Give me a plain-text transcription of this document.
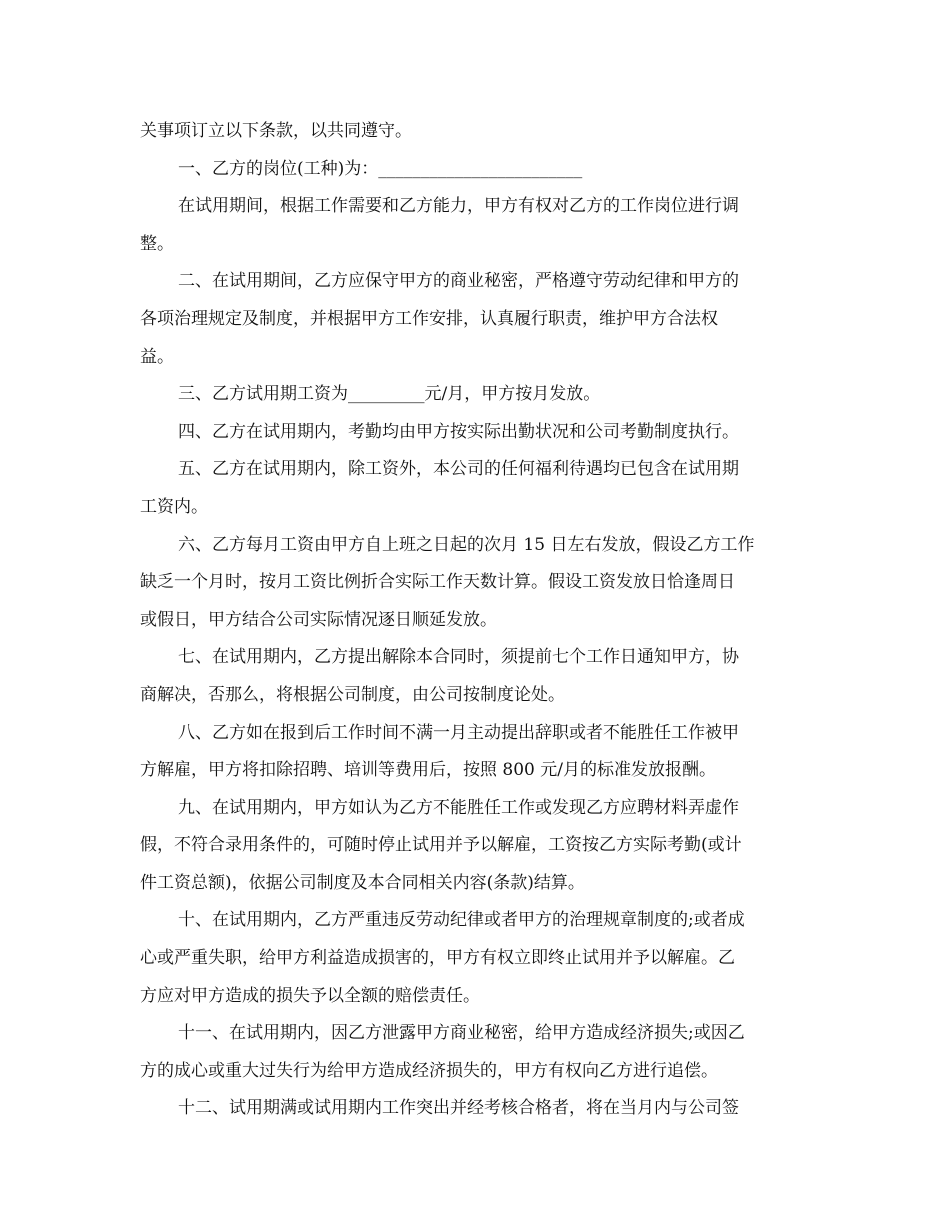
关事项订立以下条款，以共同遵守。
一、乙方的岗位(工种)为：________________________
在试用期间，根据工作需要和乙方能力，甲方有权对乙方的工作岗位进行调
整。
二、在试用期间，乙方应保守甲方的商业秘密，严格遵守劳动纪律和甲方的
各项治理规定及制度，并根据甲方工作安排，认真履行职责，维护甲方合法权
益。
三、乙方试用期工资为_________元/月，甲方按月发放。
四、乙方在试用期内，考勤均由甲方按实际出勤状况和公司考勤制度执行。
五、乙方在试用期内，除工资外，本公司的任何福利待遇均已包含在试用期
工资内。
六、乙方每月工资由甲方自上班之日起的次月 15 日左右发放，假设乙方工作
缺乏一个月时，按月工资比例折合实际工作天数计算。假设工资发放日恰逢周日
或假日，甲方结合公司实际情况逐日顺延发放。
七、在试用期内，乙方提出解除本合同时，须提前七个工作日通知甲方，协
商解决，否那么，将根据公司制度，由公司按制度论处。
八、乙方如在报到后工作时间不满一月主动提出辞职或者不能胜任工作被甲
方解雇，甲方将扣除招聘、培训等费用后，按照 800 元/月的标准发放报酬。
九、在试用期内，甲方如认为乙方不能胜任工作或发现乙方应聘材料弄虚作
假，不符合录用条件的，可随时停止试用并予以解雇，工资按乙方实际考勤(或计
件工资总额)，依据公司制度及本合同相关内容(条款)结算。
十、在试用期内，乙方严重违反劳动纪律或者甲方的治理规章制度的;或者成
心或严重失职，给甲方利益造成损害的，甲方有权立即终止试用并予以解雇。乙
方应对甲方造成的损失予以全额的赔偿责任。
十一、在试用期内，因乙方泄露甲方商业秘密，给甲方造成经济损失;或因乙
方的成心或重大过失行为给甲方造成经济损失的，甲方有权向乙方进行追偿。
十二、试用期满或试用期内工作突出并经考核合格者，将在当月内与公司签
